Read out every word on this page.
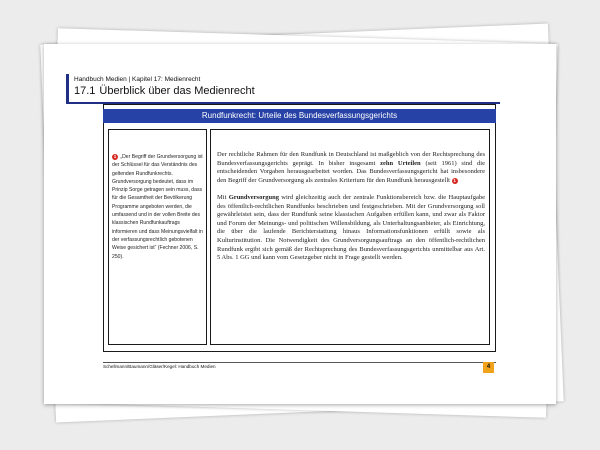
Handbuch Medien | Kapitel 17: Medienrecht
17.1 Überblick über das Medienrecht
Rundfunkrecht: Urteile des Bundesverfassungsgerichts
1 „Der Begriff der Grundversorgung ist der Schlüssel für das Verständnis des geltenden Rundfunkrechts. Grundversorgung bedeutet, dass im Prinzip Sorge getragen sein muss, dass für die Gesamtheit der Bevölkerung Programme angeboten werden, die umfassend und in der vollen Breite des klassischen Rundfunkauftrags informieren und dass Meinungsvielfalt in der verfassungsrechtlich gebotenen Weise gesichert ist“ (Fechner 2006, S. 250).

Der rechtliche Rahmen für den Rundfunk in Deutschland ist maßgeblich von der Rechtsprechung des Bundesverfassungsgerichts geprägt. In bisher insgesamt zehn Urteilen (seit 1961) sind die entscheidenden Vorgaben herausgearbeitet worden. Das Bundesverfassungsgericht hat insbesondere den Begriff der Grundversorgung als zentrales Kriterium für den Rundfunk herausgestellt 1

Mit Grundversorgung wird gleichzeitig auch der zentrale Funktionsbereich bzw. die Hauptaufgabe des öffentlich-rechtlichen Rundfunks beschrieben und festgeschrieben. Mit der Grundversorgung soll gewährleistet sein, dass der Rundfunk seine klassischen Aufgaben erfüllen kann, und zwar als Faktor und Forum der Meinungs- und politischen Willensbildung, als Unterhaltungsanbieter, als Einrichtung, die über die laufende Berichterstattung hinaus Informationsfunktionen erfüllt sowie als Kulturinstitution. Die Notwendigkeit des Grundversorgungsauftrags an den öffentlich-rechtlichen Rundfunk ergibt sich gemäß der Rechtsprechung des Bundesverfassungsgerichts unmittelbar aus Art. 5 Abs. 1 GG und kann vom Gesetzgeber nicht in Frage gestellt werden.

Schellmann/Baumann/Gläser/Kegel: Handbuch Medien	4
